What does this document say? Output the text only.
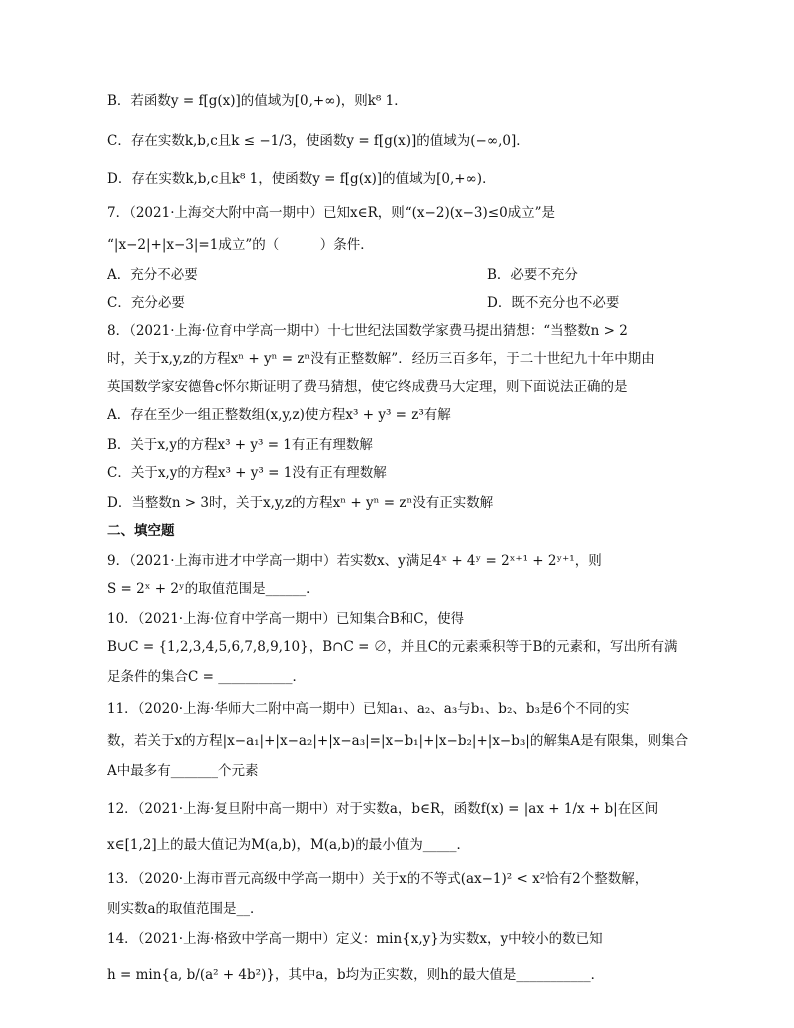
B．若函数y = f[g(x)]的值域为[0,+∞)，则k⁸ 1．
C．存在实数k,b,c且k ≤ −1/3，使函数y = f[g(x)]的值域为(−∞,0]．
D．存在实数k,b,c且k⁸ 1，使函数y = f[g(x)]的值域为[0,+∞)．
7．（2021·上海交大附中高一期中）已知x∈R，则“(x−2)(x−3)≤0成立”是
“|x−2|+|x−3|=1成立”的（　　　）条件．
A．充分不必要	B．必要不充分
C．充分必要	D．既不充分也不必要
8．（2021·上海·位育中学高一期中）十七世纪法国数学家费马提出猜想：“当整数n > 2
时，关于x,y,z的方程xⁿ + yⁿ = zⁿ没有正整数解”．经历三百多年，于二十世纪九十年中期由
英国数学家安德鲁c怀尔斯证明了费马猜想，使它终成费马大定理，则下面说法正确的是
A．存在至少一组正整数组(x,y,z)使方程x³ + y³ = z³有解
B．关于x,y的方程x³ + y³ = 1有正有理数解
C．关于x,y的方程x³ + y³ = 1没有正有理数解
D．当整数n > 3时，关于x,y,z的方程xⁿ + yⁿ = zⁿ没有正实数解
二、填空题
9．（2021·上海市进才中学高一期中）若实数x、y满足4ˣ + 4ʸ = 2ˣ⁺¹ + 2ʸ⁺¹，则
S = 2ˣ + 2ʸ的取值范围是______．
10．（2021·上海·位育中学高一期中）已知集合B和C，使得
B∪C = {1,2,3,4,5,6,7,8,9,10}，B∩C = ∅，并且C的元素乘积等于B的元素和，写出所有满
足条件的集合C = ___________．
11．（2020·上海·华师大二附中高一期中）已知a₁、a₂、a₃与b₁、b₂、b₃是6个不同的实
数，若关于x的方程|x−a₁|+|x−a₂|+|x−a₃|=|x−b₁|+|x−b₂|+|x−b₃|的解集A是有限集，则集合
A中最多有_______个元素
12．（2021·上海·复旦附中高一期中）对于实数a，b∈R，函数f(x) = |ax + 1/x + b|在区间
x∈[1,2]上的最大值记为M(a,b)，M(a,b)的最小值为_____．
13．（2020·上海市晋元高级中学高一期中）关于x的不等式(ax−1)² < x²恰有2个整数解，
则实数a的取值范围是__．
14．（2021·上海·格致中学高一期中）定义：min{x,y}为实数x，y中较小的数已知
h = min{a, b/(a² + 4b²)}，其中a，b均为正实数，则h的最大值是___________．
